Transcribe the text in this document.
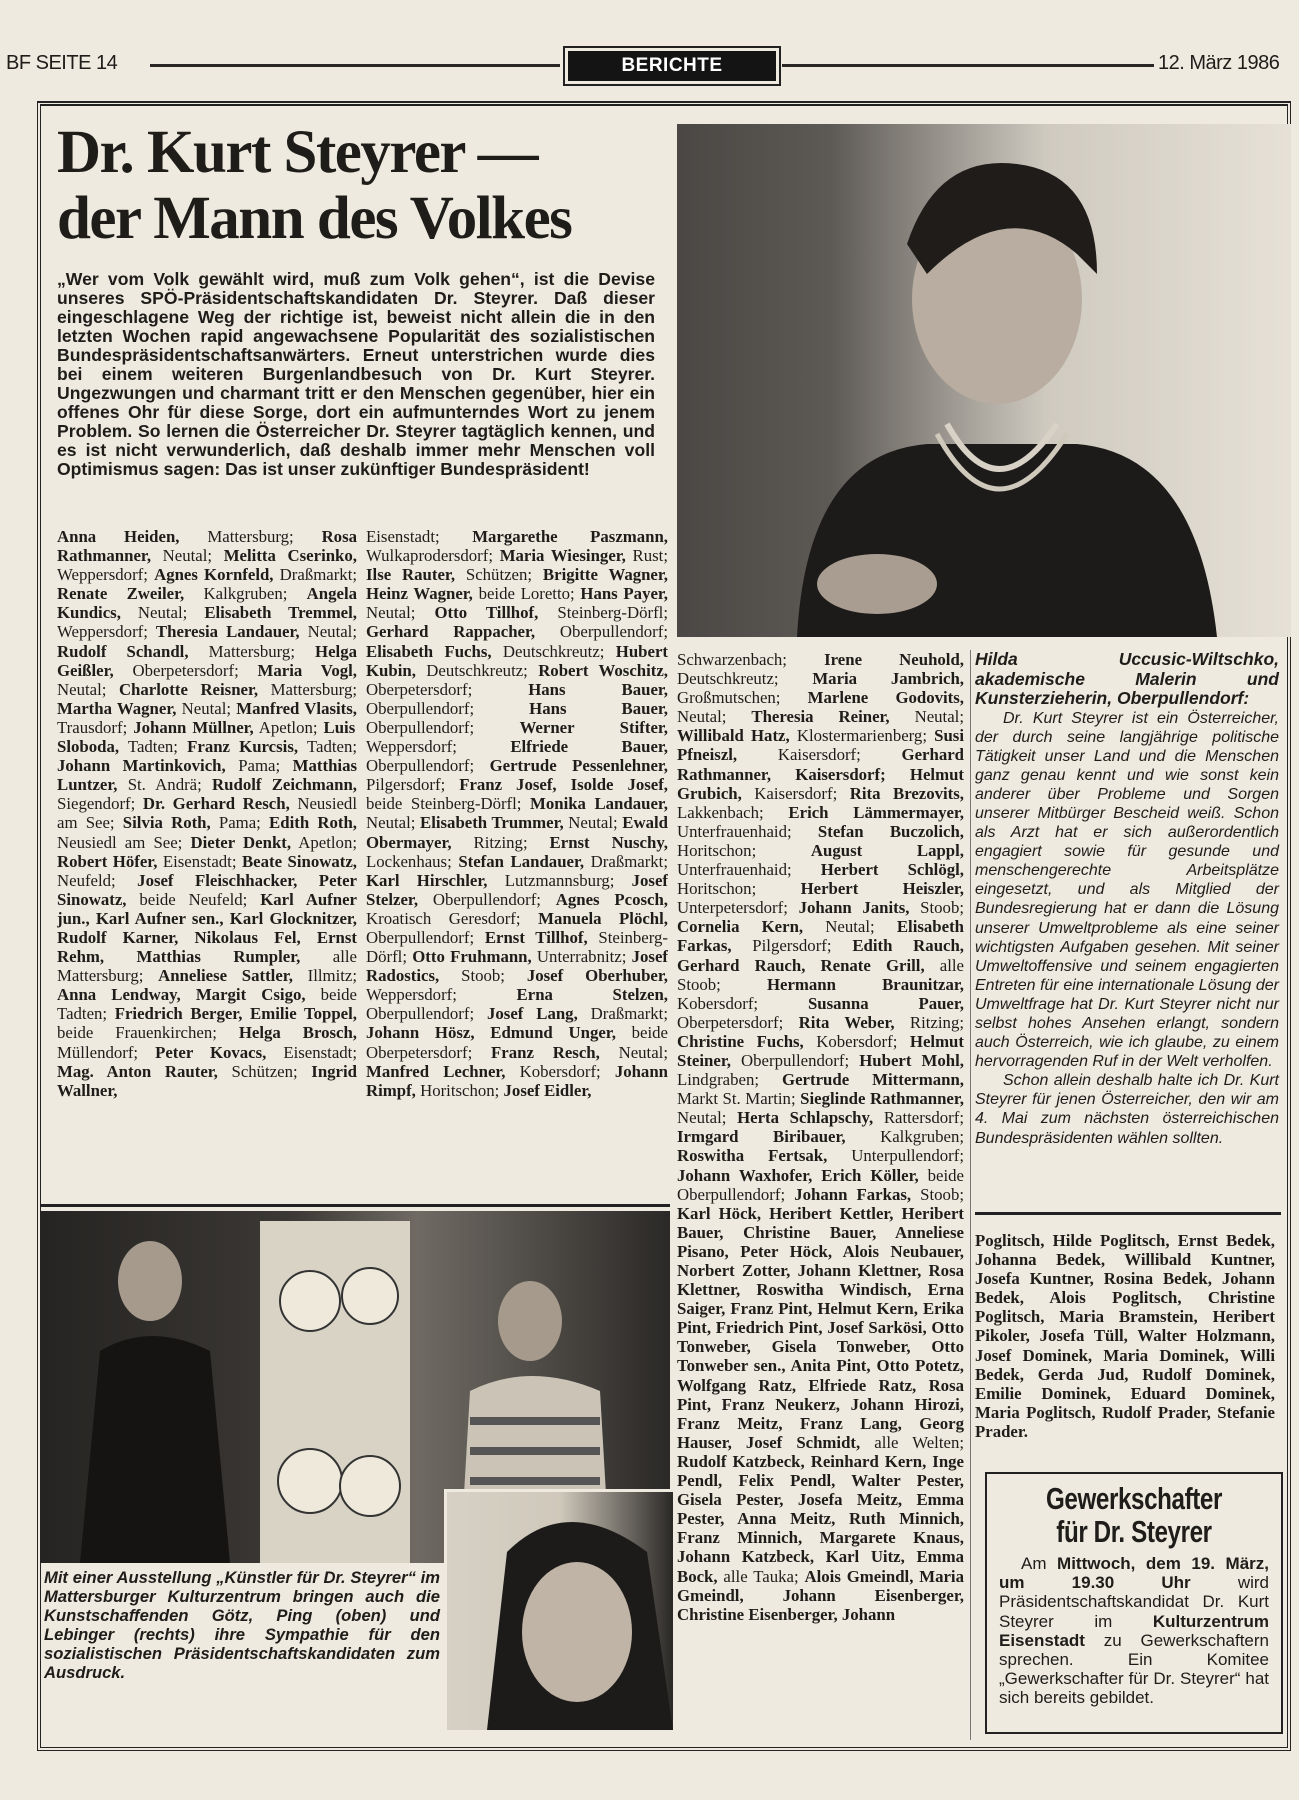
BF SEITE 14	BERICHTE	12. März 1986
Dr. Kurt Steyrer —
der Mann des Volkes
„Wer vom Volk gewählt wird, muß zum Volk gehen“, ist die Devise unseres SPÖ-Präsidentschaftskandidaten Dr. Steyrer. Daß dieser eingeschlagene Weg der richtige ist, beweist nicht allein die in den letzten Wochen rapid angewachsene Popularität des sozialistischen Bundespräsidentschaftsanwärters. Erneut unterstrichen wurde dies bei einem weiteren Burgenlandbesuch von Dr. Kurt Steyrer. Ungezwungen und charmant tritt er den Menschen gegenüber, hier ein offenes Ohr für diese Sorge, dort ein aufmunterndes Wort zu jenem Problem. So lernen die Österreicher Dr. Steyrer tagtäglich kennen, und es ist nicht verwunderlich, daß deshalb immer mehr Menschen voll Optimismus sagen: Das ist unser zukünftiger Bundespräsident!
Anna Heiden, Mattersburg; Rosa Rathmanner, Neutal; Melitta Cserinko, Weppersdorf; Agnes Kornfeld, Draßmarkt; Renate Zweiler, Kalkgruben; Angela Kundics, Neutal; Elisabeth Tremmel, Weppersdorf; Theresia Landauer, Neutal; Rudolf Schandl, Mattersburg; Helga Geißler, Oberpetersdorf; Maria Vogl, Neutal; Charlotte Reisner, Mattersburg; Martha Wagner, Neutal; Manfred Vlasits, Trausdorf; Johann Müllner, Apetlon; Luis Sloboda, Tadten; Franz Kurcsis, Tadten; Johann Martinkovich, Pama; Matthias Luntzer, St. Andrä; Rudolf Zeichmann, Siegendorf; Dr. Gerhard Resch, Neusiedl am See; Silvia Roth, Pama; Edith Roth, Neusiedl am See; Dieter Denkt, Apetlon; Robert Höfer, Eisenstadt; Beate Sinowatz, Neufeld; Josef Fleischhacker, Peter Sinowatz, beide Neufeld; Karl Aufner jun., Karl Aufner sen., Karl Glocknitzer, Rudolf Karner, Nikolaus Fel, Ernst Rehm, Matthias Rumpler, alle Mattersburg; Anneliese Sattler, Illmitz; Anna Lendway, Margit Csigo, beide Tadten; Friedrich Berger, Emilie Toppel, beide Frauenkirchen; Helga Brosch, Müllendorf; Peter Kovacs, Eisenstadt; Mag. Anton Rauter, Schützen; Ingrid Wallner,
Eisenstadt; Margarethe Paszmann, Wulkaprodersdorf; Maria Wiesinger, Rust; Ilse Rauter, Schützen; Brigitte Wagner, Heinz Wagner, beide Loretto; Hans Payer, Neutal; Otto Tillhof, Steinberg-Dörfl; Gerhard Rappacher, Oberpullendorf; Elisabeth Fuchs, Deutschkreutz; Hubert Kubin, Deutschkreutz; Robert Woschitz, Oberpetersdorf; Hans Bauer, Oberpullendorf; Hans Bauer, Oberpullendorf; Werner Stifter, Weppersdorf; Elfriede Bauer, Oberpullendorf; Gertrude Pessenlehner, Pilgersdorf; Franz Josef, Isolde Josef, beide Steinberg-Dörfl; Monika Landauer, Neutal; Elisabeth Trummer, Neutal; Ewald Obermayer, Ritzing; Ernst Nuschy, Lockenhaus; Stefan Landauer, Draßmarkt; Karl Hirschler, Lutzmannsburg; Josef Stelzer, Oberpullendorf; Agnes Pcosch, Kroatisch Geresdorf; Manuela Plöchl, Oberpullendorf; Ernst Tillhof, Steinberg-Dörfl; Otto Fruhmann, Unterrabnitz; Josef Radostics, Stoob; Josef Oberhuber, Weppersdorf; Erna Stelzen, Oberpullendorf; Josef Lang, Draßmarkt; Johann Hösz, Edmund Unger, beide Oberpetersdorf; Franz Resch, Neutal; Manfred Lechner, Kobersdorf; Johann Rimpf, Horitschon; Josef Eidler,
Schwarzenbach; Irene Neuhold, Deutschkreutz; Maria Jambrich, Großmutschen; Marlene Godovits, Neutal; Theresia Reiner, Neutal; Willibald Hatz, Klostermarienberg; Susi Pfneiszl, Kaisersdorf; Gerhard Rathmanner, Kaisersdorf; Helmut Grubich, Kaisersdorf; Rita Brezovits, Lakkenbach; Erich Lämmermayer, Unterfrauenhaid; Stefan Buczolich, Horitschon; August Lappl, Unterfrauenhaid; Herbert Schlögl, Horitschon; Herbert Heiszler, Unterpetersdorf; Johann Janits, Stoob; Cornelia Kern, Neutal; Elisabeth Farkas, Pilgersdorf; Edith Rauch, Gerhard Rauch, Renate Grill, alle Stoob; Hermann Braunitzar, Kobersdorf; Susanna Pauer, Oberpetersdorf; Rita Weber, Ritzing; Christine Fuchs, Kobersdorf; Helmut Steiner, Oberpullendorf; Hubert Mohl, Lindgraben; Gertrude Mittermann, Markt St. Martin; Sieglinde Rathmanner, Neutal; Herta Schlapschy, Rattersdorf; Irmgard Biribauer, Kalkgruben; Roswitha Fertsak, Unterpullendorf; Johann Waxhofer, Erich Köller, beide Oberpullendorf; Johann Farkas, Stoob; Karl Höck, Heribert Kettler, Heribert Bauer, Christine Bauer, Anneliese Pisano, Peter Höck, Alois Neubauer, Norbert Zotter, Johann Klettner, Rosa Klettner, Roswitha Windisch, Erna Saiger, Franz Pint, Helmut Kern, Erika Pint, Friedrich Pint, Josef Sarkösi, Otto Tonweber, Gisela Tonweber, Otto Tonweber sen., Anita Pint, Otto Potetz, Wolfgang Ratz, Elfriede Ratz, Rosa Pint, Franz Neukerz, Johann Hirozi, Franz Meitz, Franz Lang, Georg Hauser, Josef Schmidt, alle Welten; Rudolf Katzbeck, Reinhard Kern, Inge Pendl, Felix Pendl, Walter Pester, Gisela Pester, Josefa Meitz, Emma Pester, Anna Meitz, Ruth Minnich, Franz Minnich, Margarete Knaus, Johann Katzbeck, Karl Uitz, Emma Bock, alle Tauka; Alois Gmeindl, Maria Gmeindl, Johann Eisenberger, Christine Eisenberger, Johann
Hilda Uccusic-Wiltschko, akademische Malerin und Kunsterzieherin, Oberpullendorf:

Dr. Kurt Steyrer ist ein Österreicher, der durch seine langjährige politische Tätigkeit unser Land und die Menschen ganz genau kennt und wie sonst kein anderer über Probleme und Sorgen unserer Mitbürger Bescheid weiß. Schon als Arzt hat er sich außerordentlich engagiert sowie für gesunde und menschengerechte Arbeitsplätze eingesetzt, und als Mitglied der Bundesregierung hat er dann die Lösung unserer Umweltprobleme als eine seiner wichtigsten Aufgaben gesehen. Mit seiner Umweltoffensive und seinem engagierten Entreten für eine internationale Lösung der Umweltfrage hat Dr. Kurt Steyrer nicht nur selbst hohes Ansehen erlangt, sondern auch Österreich, wie ich glaube, zu einem hervorragenden Ruf in der Welt verholfen.

Schon allein deshalb halte ich Dr. Kurt Steyrer für jenen Österreicher, den wir am 4. Mai zum nächsten österreichischen Bundespräsidenten wählen sollten.

Poglitsch, Hilde Poglitsch, Ernst Bedek, Johanna Bedek, Willibald Kuntner, Josefa Kuntner, Rosina Bedek, Johann Bedek, Alois Poglitsch, Christine Poglitsch, Maria Bramstein, Heribert Pikoler, Josefa Tüll, Walter Holzmann, Josef Dominek, Maria Dominek, Willi Bedek, Gerda Jud, Rudolf Dominek, Emilie Dominek, Eduard Dominek, Maria Poglitsch, Rudolf Prader, Stefanie Prader.
Gewerkschafter
für Dr. Steyrer
Am Mittwoch, dem 19. März, um 19.30 Uhr wird Präsidentschaftskandidat Dr. Kurt Steyrer im Kulturzentrum Eisenstadt zu Gewerkschaftern sprechen. Ein Komitee „Gewerkschafter für Dr. Steyrer“ hat sich bereits gebildet.
Mit einer Ausstellung „Künstler für Dr. Steyrer“ im Mattersburger Kulturzentrum bringen auch die Kunstschaffenden Götz, Ping (oben) und Lebinger (rechts) ihre Sympathie für den sozialistischen Präsidentschaftskandidaten zum Ausdruck.
